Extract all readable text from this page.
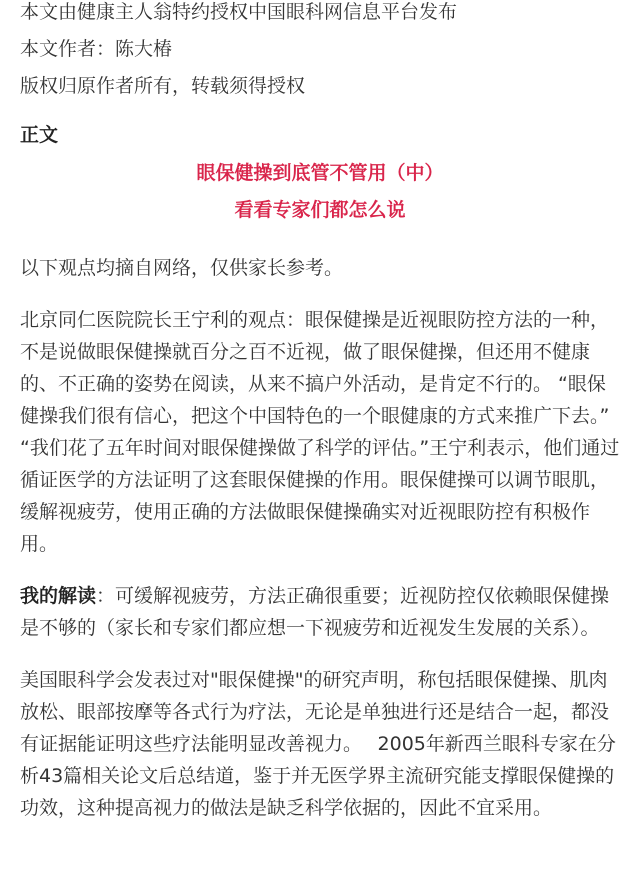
本文由健康主人翁特约授权中国眼科网信息平台发布

本文作者：陈大椿

版权归原作者所有，转载须得授权

正文

眼保健操到底管不管用（中）

看看专家们都怎么说

以下观点均摘自网络，仅供家长参考。

北京同仁医院院长王宁利的观点：眼保健操是近视眼防控方法的一种，不是说做眼保健操就百分之百不近视，做了眼保健操，但还用不健康的、不正确的姿势在阅读，从来不搞户外活动，是肯定不行的。 “眼保健操我们很有信心，把这个中国特色的一个眼健康的方式来推广下去。” “我们花了五年时间对眼保健操做了科学的评估。”王宁利表示，他们通过循证医学的方法证明了这套眼保健操的作用。眼保健操可以调节眼肌，缓解视疲劳，使用正确的方法做眼保健操确实对近视眼防控有积极作用。

我的解读：可缓解视疲劳，方法正确很重要；近视防控仅依赖眼保健操是不够的（家长和专家们都应想一下视疲劳和近视发生发展的关系）。

美国眼科学会发表过对"眼保健操"的研究声明，称包括眼保健操、肌肉放松、眼部按摩等各式行为疗法，无论是单独进行还是结合一起，都没有证据能证明这些疗法能明显改善视力。　 2005年新西兰眼科专家在分析43篇相关论文后总结道，鉴于并无医学界主流研究能支撑眼保健操的功效，这种提高视力的做法是缺乏科学依据的，因此不宜采用。
